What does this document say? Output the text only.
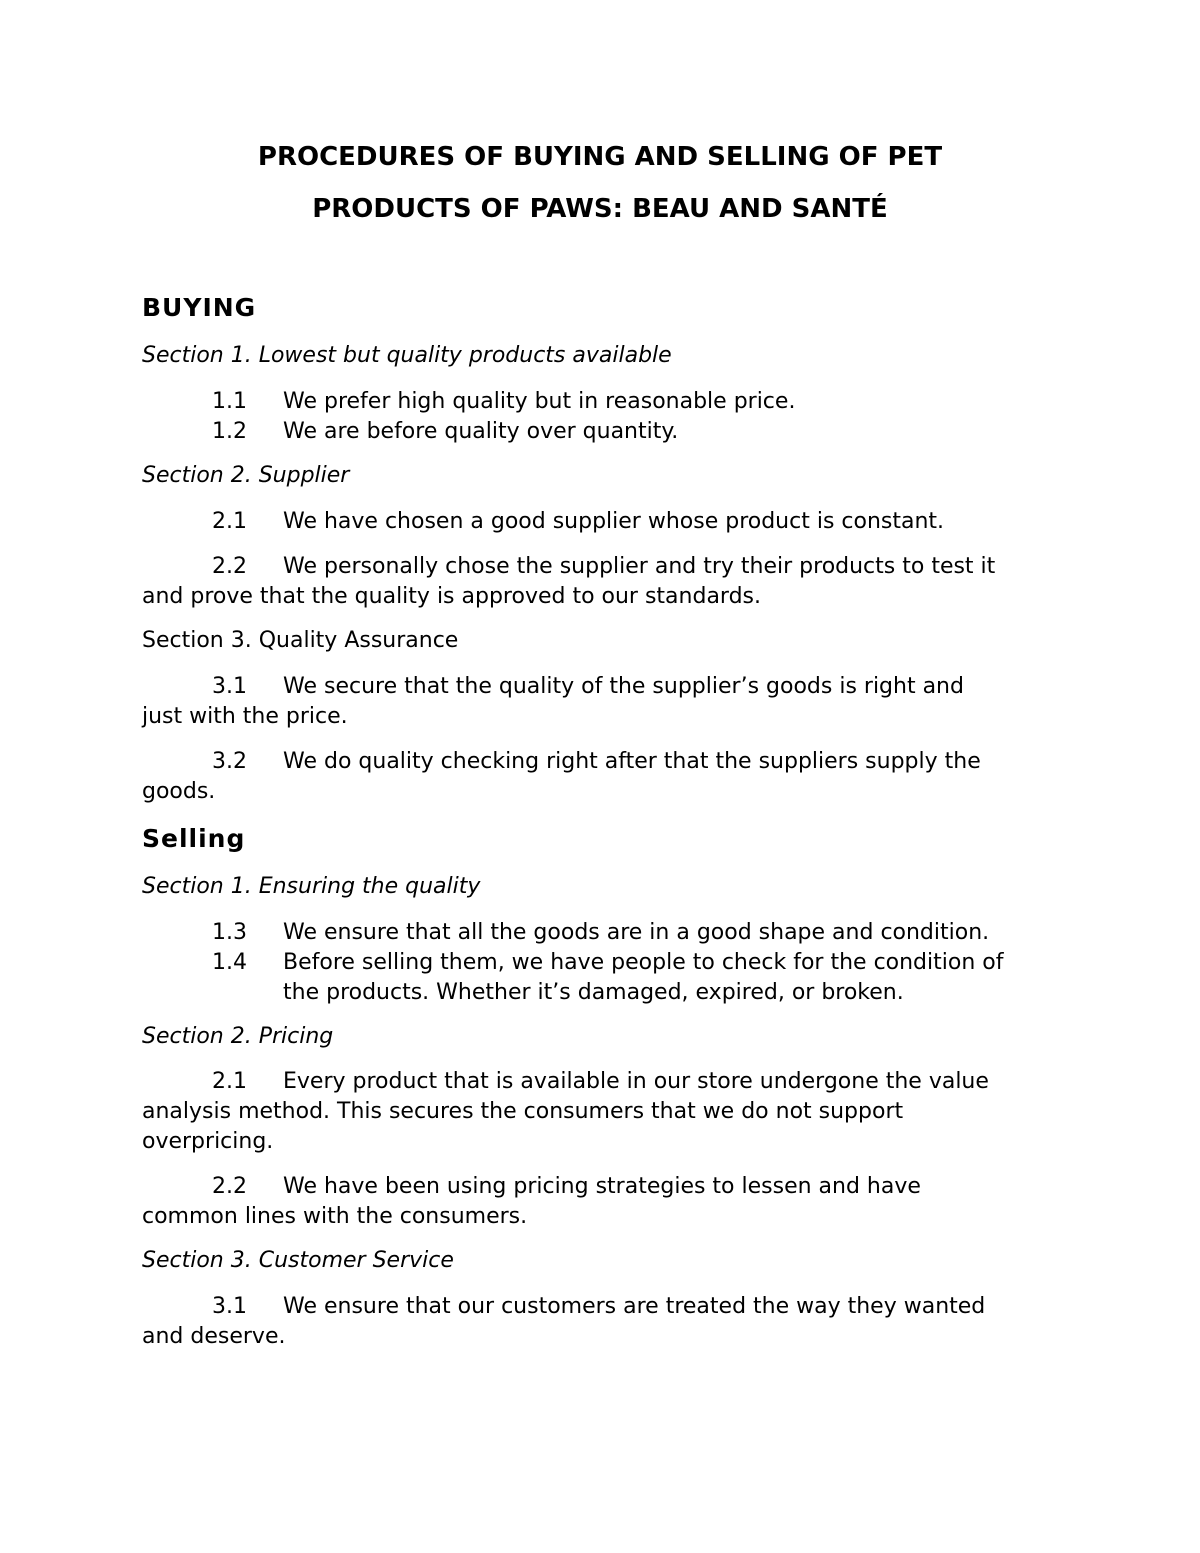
PROCEDURES OF BUYING AND SELLING OF PET
PRODUCTS OF PAWS: BEAU AND SANTÉ
BUYING
Section 1. Lowest but quality products available
1.1	We prefer high quality but in reasonable price.
1.2	We are before quality over quantity.
Section 2. Supplier
2.1	We have chosen a good supplier whose product is constant.
2.2	We personally chose the supplier and try their products to test it
and prove that the quality is approved to our standards.
Section 3. Quality Assurance
3.1	We secure that the quality of the supplier’s goods is right and
just with the price.
3.2	We do quality checking right after that the suppliers supply the
goods.
Selling
Section 1. Ensuring the quality
1.3	We ensure that all the goods are in a good shape and condition.
1.4	Before selling them, we have people to check for the condition of
the products. Whether it’s damaged, expired, or broken.
Section 2. Pricing
2.1	Every product that is available in our store undergone the value
analysis method. This secures the consumers that we do not support
overpricing.
2.2	We have been using pricing strategies to lessen and have
common lines with the consumers.
Section 3. Customer Service
3.1	We ensure that our customers are treated the way they wanted
and deserve.
